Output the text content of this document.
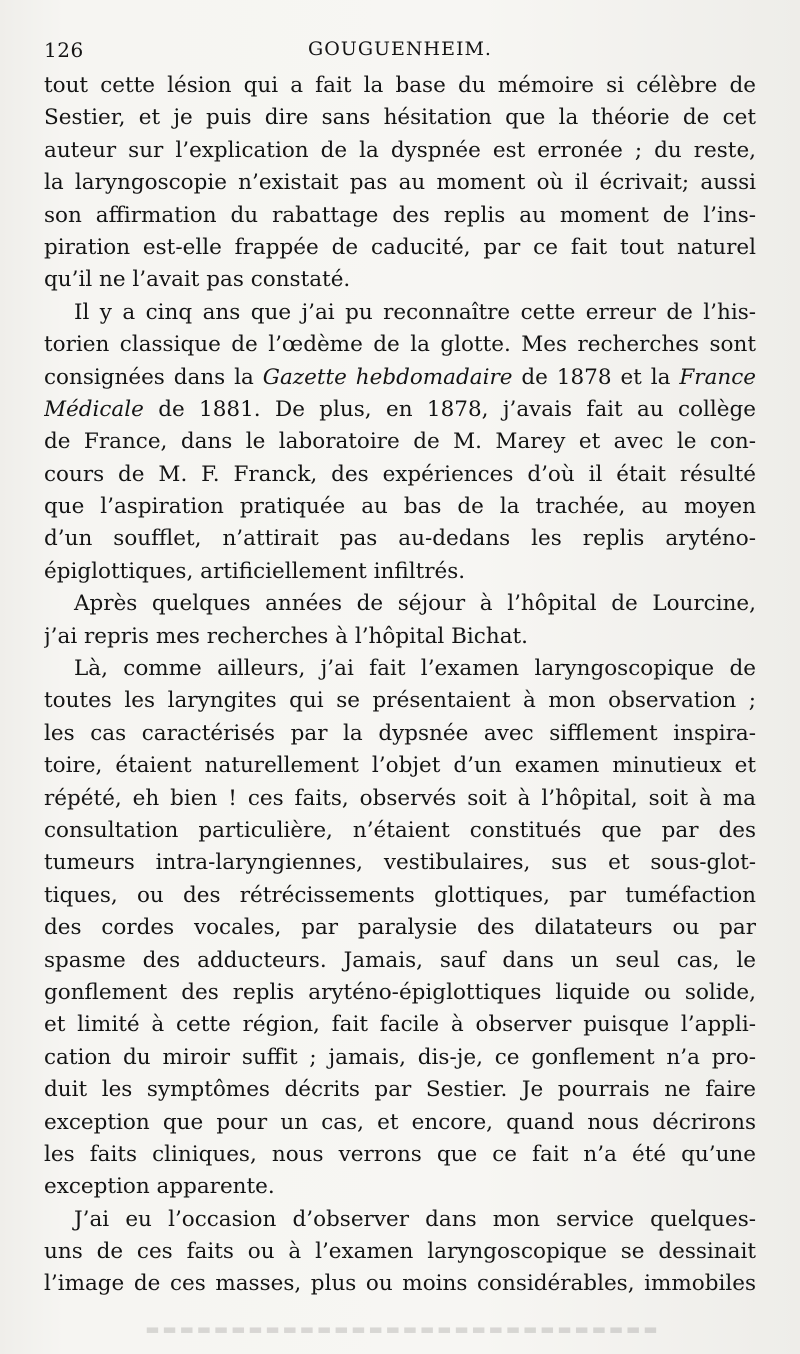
126	GOUGUENHEIM.
tout cette lésion qui a fait la base du mémoire si célèbre de
Sestier, et je puis dire sans hésitation que la théorie de cet
auteur sur l’explication de la dyspnée est erronée ; du reste,
la laryngoscopie n’existait pas au moment où il écrivait; aussi
son affirmation du rabattage des replis au moment de l’ins-
piration est-elle frappée de caducité, par ce fait tout naturel
qu’il ne l’avait pas constaté.
Il y a cinq ans que j’ai pu reconnaître cette erreur de l’his-
torien classique de l’œdème de la glotte. Mes recherches sont
consignées dans la Gazette hebdomadaire de 1878 et la France
Médicale de 1881. De plus, en 1878, j’avais fait au collège
de France, dans le laboratoire de M. Marey et avec le con-
cours de M. F. Franck, des expériences d’où il était résulté
que l’aspiration pratiquée au bas de la trachée, au moyen
d’un soufflet, n’attirait pas au-dedans les replis aryténo-
épiglottiques, artificiellement infiltrés.
Après quelques années de séjour à l’hôpital de Lourcine,
j’ai repris mes recherches à l’hôpital Bichat.
Là, comme ailleurs, j’ai fait l’examen laryngoscopique de
toutes les laryngites qui se présentaient à mon observation ;
les cas caractérisés par la dypsnée avec sifflement inspira-
toire, étaient naturellement l’objet d’un examen minutieux et
répété, eh bien ! ces faits, observés soit à l’hôpital, soit à ma
consultation particulière, n’étaient constitués que par des
tumeurs intra-laryngiennes, vestibulaires, sus et sous-glot-
tiques, ou des rétrécissements glottiques, par tuméfaction
des cordes vocales, par paralysie des dilatateurs ou par
spasme des adducteurs. Jamais, sauf dans un seul cas, le
gonflement des replis aryténo-épiglottiques liquide ou solide,
et limité à cette région, fait facile à observer puisque l’appli-
cation du miroir suffit ; jamais, dis-je, ce gonflement n’a pro-
duit les symptômes décrits par Sestier. Je pourrais ne faire
exception que pour un cas, et encore, quand nous décrirons
les faits cliniques, nous verrons que ce fait n’a été qu’une
exception apparente.
J’ai eu l’occasion d’observer dans mon service quelques-
uns de ces faits ou à l’examen laryngoscopique se dessinait
l’image de ces masses, plus ou moins considérables, immobiles
▬▬▬▬▬▬▬▬▬▬▬▬▬▬▬▬▬▬▬▬▬▬▬▬▬▬▬▬▬▬
